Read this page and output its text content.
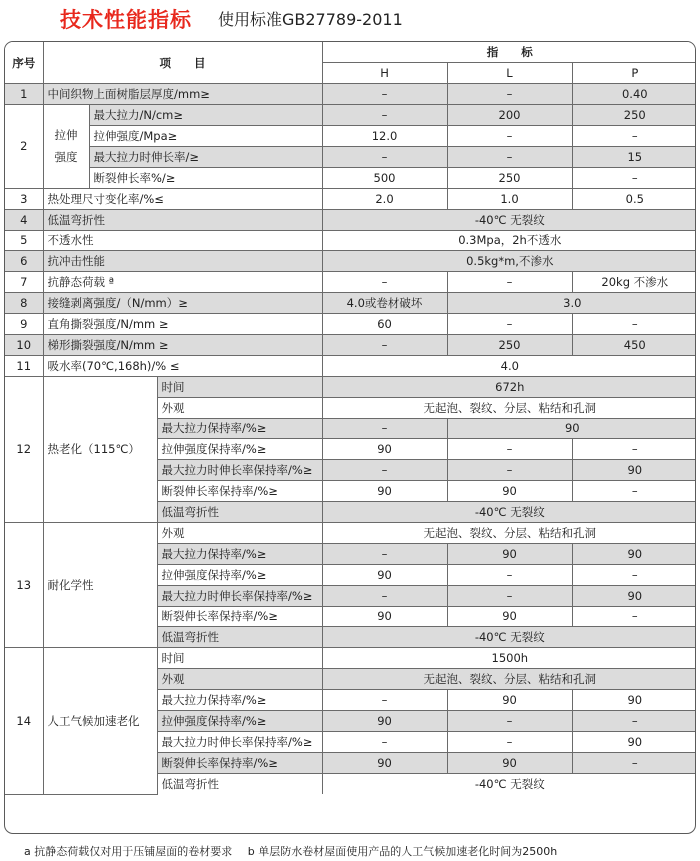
技术性能指标 使用标准GB27789-2011
序号	项　　目			指　　标		
				H	L	P
1	中间织物上面树脂层厚度/mm≥			–	–	0.40
2	拉伸强度	最大拉力/N/cm≥		–	200	250
		拉伸强度/Mpa≥		12.0	–	–
		最大拉力时伸长率/≥		–	–	15
		断裂伸长率%/≥		500	250	–
3	热处理尺寸变化率/%≤			2.0	1.0	0.5
4	低温弯折性			-40℃ 无裂纹		
5	不透水性			0.3Mpa，2h不透水		
6	抗冲击性能			0.5kg*m,不渗水		
7	抗静态荷载 ª			–	–	20kg 不渗水
8	接缝剥离强度/（N/mm）≥			4.0或卷材破坏	3.0	
9	直角撕裂强度/N/mm ≥			60	–	–
10	梯形撕裂强度/N/mm ≥			–	250	450
11	吸水率(70℃,168h)/% ≤			4.0		
12	热老化（115℃）		时间	672h		
			外观	无起泡、裂纹、分层、粘结和孔洞		
			最大拉力保持率/%≥	–	90	
			拉伸强度保持率/%≥	90	–	–
			最大拉力时伸长率保持率/%≥	–	–	90
			断裂伸长率保持率/%≥	90	90	–
			低温弯折性	-40℃ 无裂纹		
13	耐化学性		外观	无起泡、裂纹、分层、粘结和孔洞		
			最大拉力保持率/%≥	–	90	90
			拉伸强度保持率/%≥	90	–	–
			最大拉力时伸长率保持率/%≥	–	–	90
			断裂伸长率保持率/%≥	90	90	–
			低温弯折性	-40℃ 无裂纹		
14	人工气候加速老化		时间	1500h		
			外观	无起泡、裂纹、分层、粘结和孔洞		
			最大拉力保持率/%≥	–	90	90
			拉伸强度保持率/%≥	90	–	–
			最大拉力时伸长率保持率/%≥	–	–	90
			断裂伸长率保持率/%≥	90	90	–
			低温弯折性	-40℃ 无裂纹		
a 抗静态荷载仅对用于压铺屋面的卷材要求 b 单层防水卷材屋面使用产品的人工气候加速老化时间为2500h
